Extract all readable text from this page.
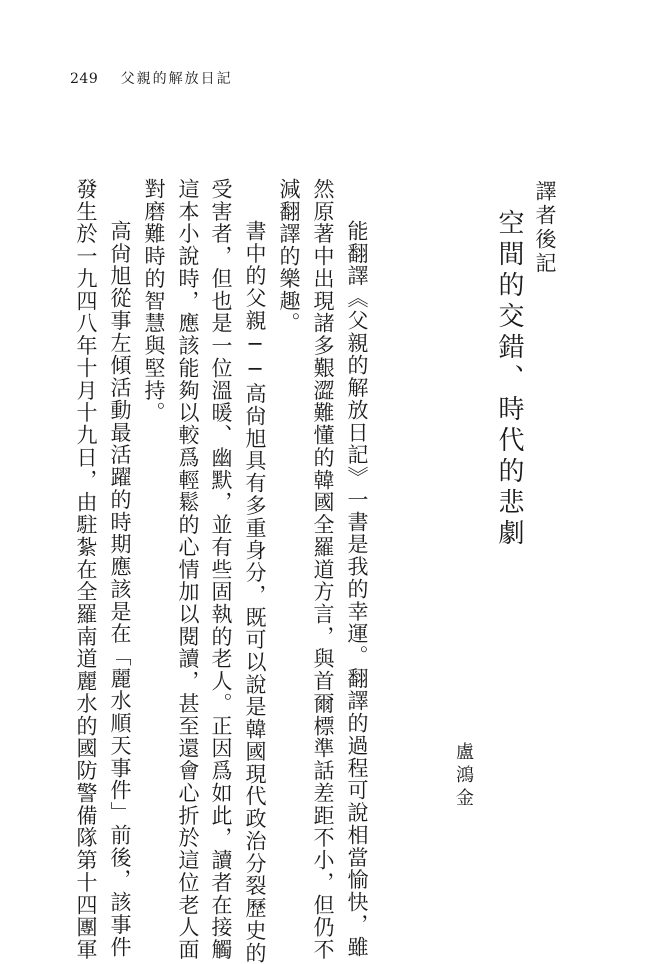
249 父親的解放日記
譯者後記
空間的交錯、時代的悲劇
盧鴻金
能翻譯《父親的解放日記》一書是我的幸運。翻譯的過程可說相當愉快，雖
然原著中出現諸多艱澀難懂的韓國全羅道方言，與首爾標準話差距不小，但仍不
減翻譯的樂趣。
書中的父親──高尙旭具有多重身分，既可以說是韓國現代政治分裂歷史的
受害者，但也是一位溫暖、幽默，並有些固執的老人。正因爲如此，讀者在接觸
這本小說時，應該能夠以較爲輕鬆的心情加以閱讀，甚至還會心折於這位老人面
對磨難時的智慧與堅持。
高尙旭從事左傾活動最活躍的時期應該是在「麗水順天事件」前後，該事件
發生於一九四八年十月十九日，由駐紮在全羅南道麗水的國防警備隊第十四團軍
